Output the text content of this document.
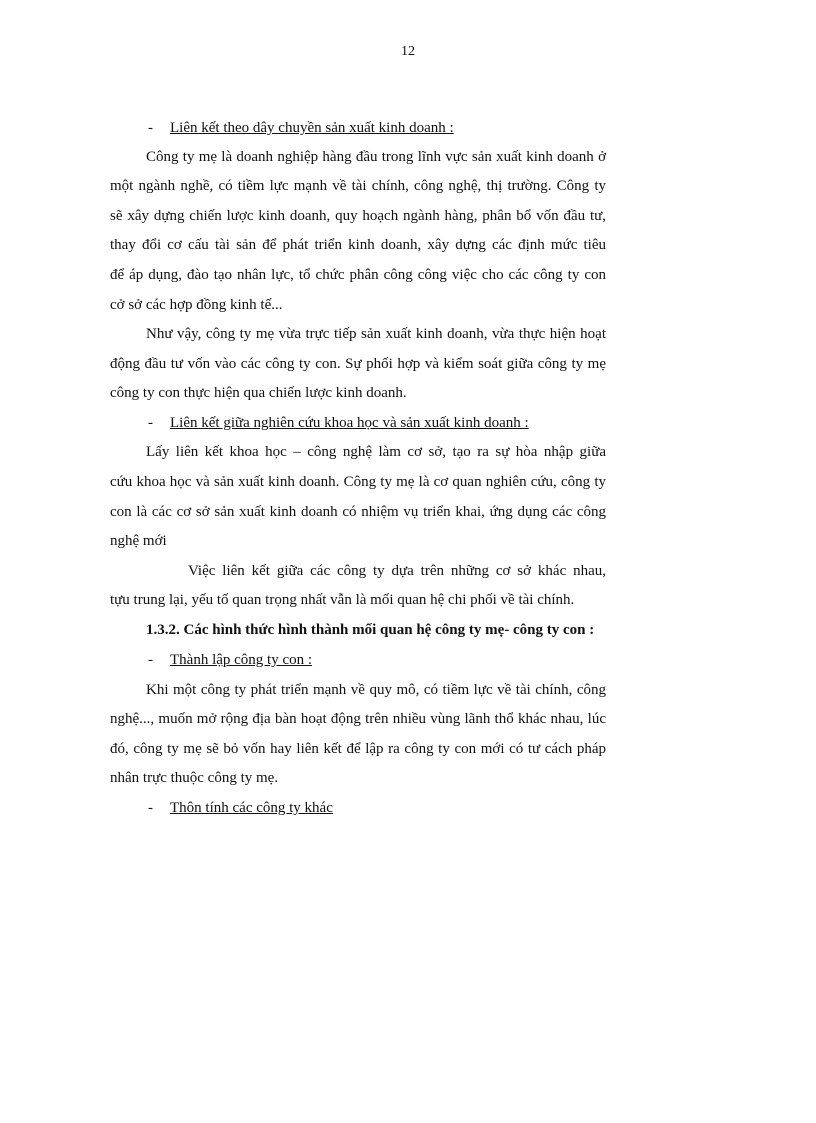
12
- Liên kết theo dây chuyền sản xuất kinh doanh :
Công ty mẹ là doanh nghiệp hàng đầu trong lĩnh vực sản xuất kinh doanh ở
một ngành nghề, có tiềm lực mạnh về tài chính, công nghệ, thị trường. Công ty
sẽ xây dựng chiến lược kinh doanh, quy hoạch ngành hàng, phân bổ vốn đầu tư,
thay đổi cơ cấu tài sản để phát triển kinh doanh, xây dựng các định mức tiêu
để áp dụng, đào tạo nhân lực, tổ chức phân công công việc cho các công ty con
cở sở các hợp đồng kinh tế...
Như vậy, công ty mẹ vừa trực tiếp sản xuất kinh doanh, vừa thực hiện hoạt
động đầu tư vốn vào các công ty con. Sự phối hợp và kiểm soát giữa công ty mẹ
công ty con thực hiện qua chiến lược kinh doanh.
- Liên kết giữa nghiên cứu khoa học và sản xuất kinh doanh :
Lấy liên kết khoa học – công nghệ làm cơ sở, tạo ra sự hòa nhập giữa
cứu khoa học và sản xuất kinh doanh. Công ty mẹ là cơ quan nghiên cứu, công ty
con là các cơ sở sản xuất kinh doanh có nhiệm vụ triển khai, ứng dụng các công
nghệ mới
Việc liên kết giữa các công ty dựa trên những cơ sở khác nhau,
tựu trung lại, yếu tố quan trọng nhất vẫn là mối quan hệ chi phối về tài chính.
1.3.2. Các hình thức hình thành mối quan hệ công ty mẹ- công ty con :
- Thành lập công ty con :
Khi một công ty phát triển mạnh về quy mô, có tiềm lực về tài chính, công
nghệ..., muốn mở rộng địa bàn hoạt động trên nhiều vùng lãnh thổ khác nhau, lúc
đó, công ty mẹ sẽ bỏ vốn hay liên kết để lập ra công ty con mới có tư cách pháp
nhân trực thuộc công ty mẹ.
- Thôn tính các công ty khác
